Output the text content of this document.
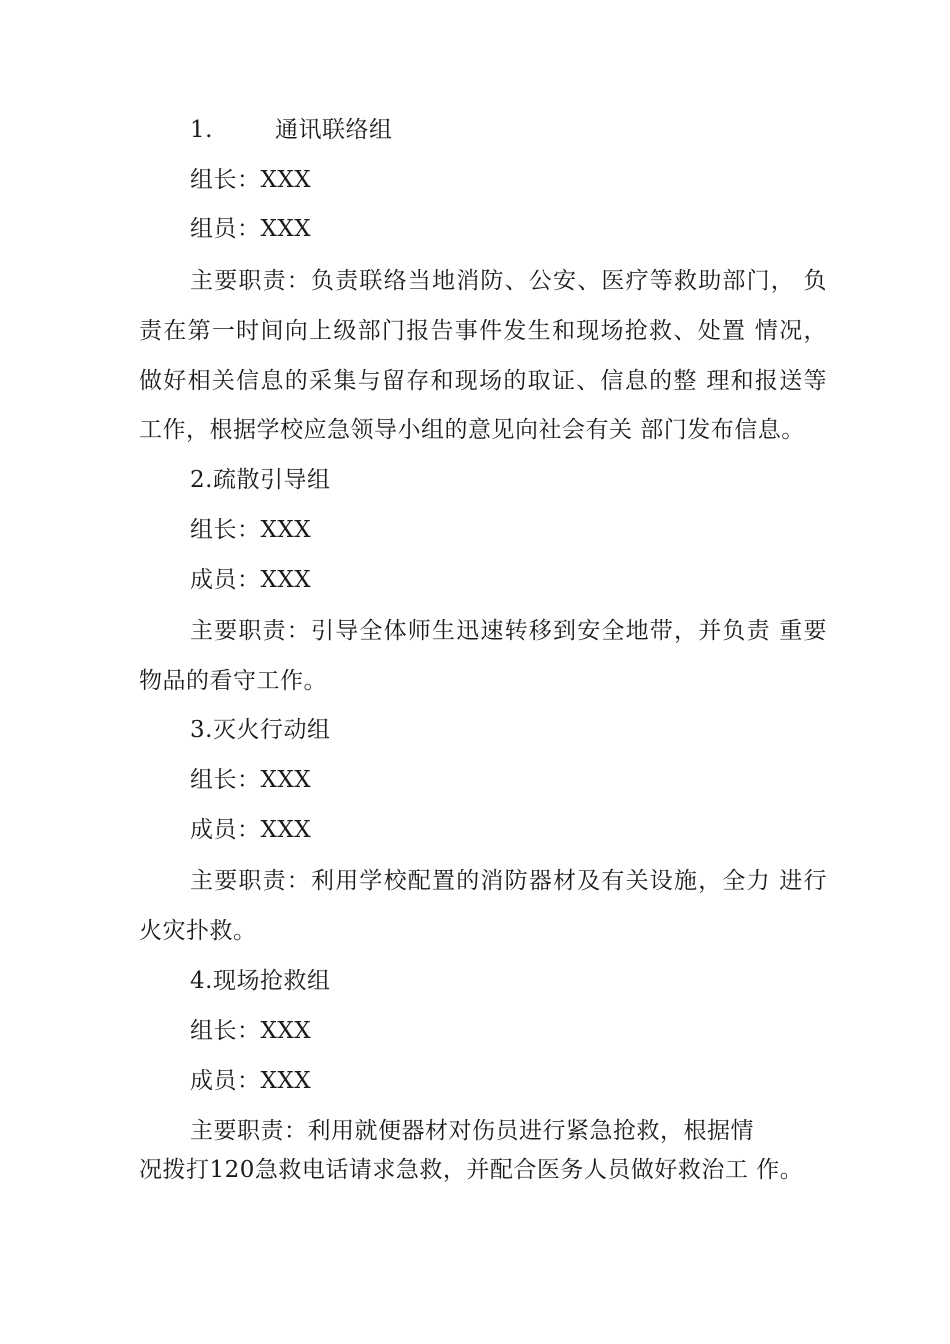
1.	通讯联络组
组长：XXX
组员：XXX
主要职责：负责联络当地消防、公安、医疗等救助部门， 负
责在第一时间向上级部门报告事件发生和现场抢救、处置 情况，
做好相关信息的采集与留存和现场的取证、信息的整 理和报送等
工作，根据学校应急领导小组的意见向社会有关 部门发布信息。
2.疏散引导组
组长：XXX
成员：XXX
主要职责：引导全体师生迅速转移到安全地带，并负责 重要
物品的看守工作。
3.灭火行动组
组长：XXX
成员：XXX
主要职责：利用学校配置的消防器材及有关设施，全力 进行
火灾扑救。
4.现场抢救组
组长：XXX
成员：XXX
主要职责：利用就便器材对伤员进行紧急抢救，根据情
况拨打120急救电话请求急救，并配合医务人员做好救治工 作。
